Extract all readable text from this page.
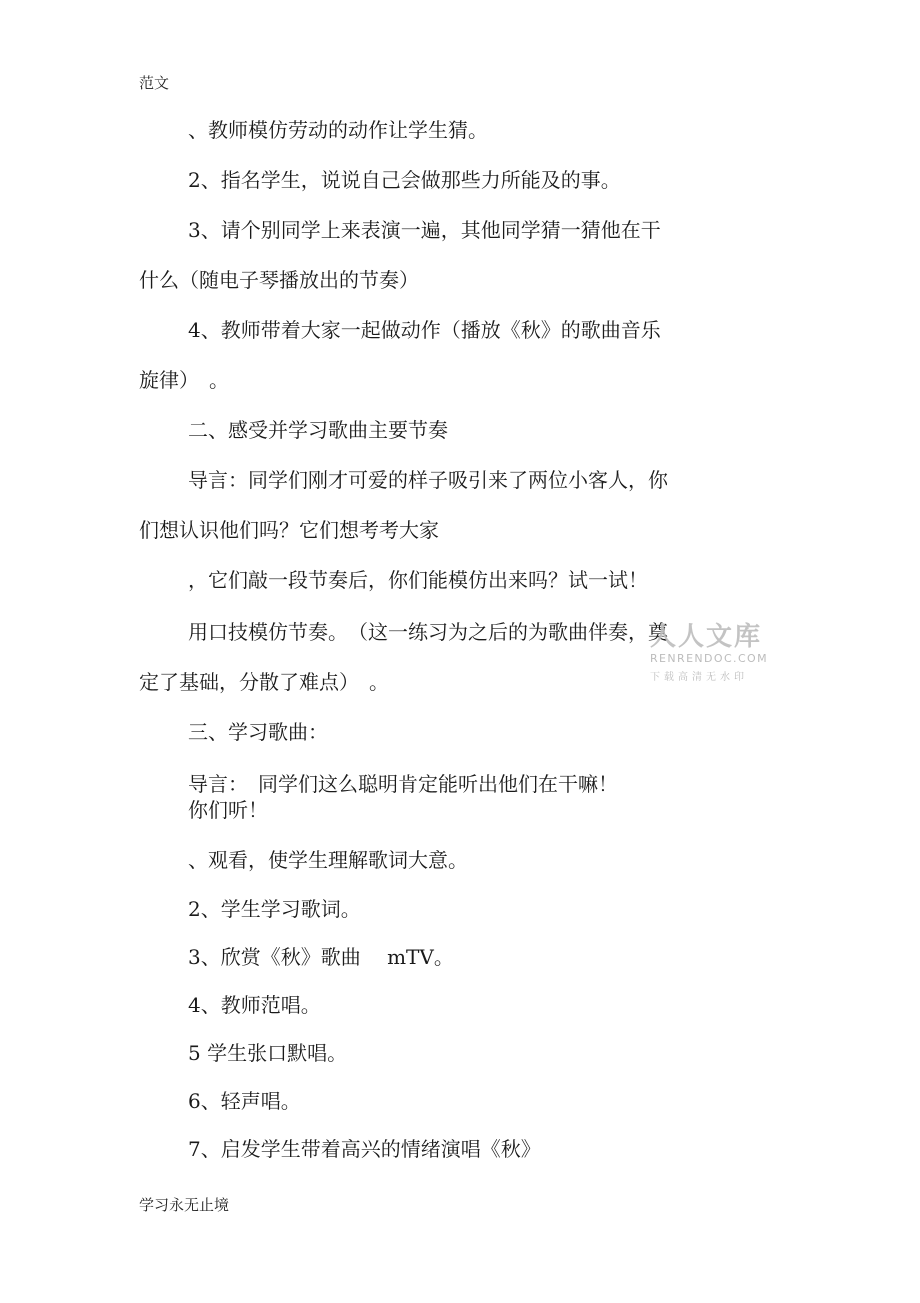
范文
、教师模仿劳动的动作让学生猜。
2、指名学生，说说自己会做那些力所能及的事。
3、请个别同学上来表演一遍，其他同学猜一猜他在干
什么（随电子琴播放出的节奏）
4、教师带着大家一起做动作（播放《秋》的歌曲音乐
旋律）　。
二、感受并学习歌曲主要节奏
导言：同学们刚才可爱的样子吸引来了两位小客人，你
们想认识他们吗？它们想考考大家
，它们敲一段节奏后，你们能模仿出来吗？试一试！
用口技模仿节奏。　（这一练习为之后的为歌曲伴奏，奠
定了基础，分散了难点）　。
三、学习歌曲：
导言：　同学们这么聪明肯定能听出他们在干嘛！
你们听！
、观看，使学生理解歌词大意。
2、学生学习歌词。
3、欣赏《秋》歌曲　 mTV。
4、教师范唱。
5 学生张口默唱。
6、轻声唱。
7、启发学生带着高兴的情绪演唱《秋》
人人文库
RENRENDOC.COM
下载高清无水印
学习永无止境
